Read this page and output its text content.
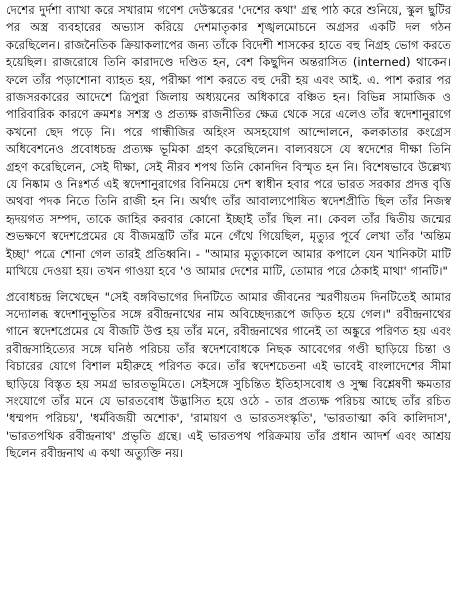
দেশের দুর্দশা ব্যাখা করে সখারাম গণেশ দেউস্করের 'দেশের কথা' গ্রন্থ পাঠ করে শুনিয়ে, স্কুল ছুটির পর অস্ত্র ব্যবহারের অভ্যাস করিয়ে দেশমাতৃকার শৃঙ্খলমোচনে অগ্রসর একটি দল গঠন করেছিলেন। রাজনৈতিক ক্রিয়াকলাপের জন্য তাঁকে বিদেশী শাসকের হাতে বহু নিগ্রহ ভোগ করতে হয়েছিল। রাজরোষে তিনি কারাদণ্ডে দণ্ডিত হন, বেশ কিছুদিন অন্তরাসিত (interned) থাকেন। ফলে তাঁর পড়াশোনা ব্যাহত হয়, পরীক্ষা পাশ করতে বহু দেরী হয় এবং আই. এ. পাশ করার পর রাজসরকারের আদেশে ত্রিপুরা জিলায় অধ্যয়নের অধিকারে বঞ্চিত হন। বিভিন্ন সামাজিক ও পারিবারিক কারণে ক্রমশঃ সশস্ত্র ও প্রত্যক্ষ রাজনীতির ক্ষেত্র থেকে সরে এলেও তাঁর স্বদেশানুরাগে কখনো ছেদ পড়ে নি। পরে গান্ধীজির অহিংস অসহযোগ আন্দোলনে, কলকাতার কংগ্রেস অধিবেশনেও প্রবোধচন্দ্র প্রত্যক্ষ ভূমিকা গ্রহণ করেছিলেন। বাল্যবয়সে যে স্বদেশের দীক্ষা তিনি গ্রহণ করেছিলেন, সেই দীক্ষা, সেই নীরব শপথ তিনি কোনদিন বিস্মৃত হন নি। বিশেষভাবে উল্লেখ্য যে নিষ্কাম ও নিঃশর্ত এই স্বদেশানুরাগের বিনিময়ে দেশ স্বাধীন হবার পরে ভারত সরকার প্রদত্ত বৃত্তি অথবা পদক নিতে তিনি রাজী হন নি। অর্থাৎ তাঁর আবাল্যপোষিত স্বদেশপ্রীতি ছিল তাঁর নিজস্ব হৃদয়গত সম্পদ, তাকে জাহির করবার কোনো ইচ্ছাই তাঁর ছিল না। কেবল তাঁর দ্বিতীয় জন্মের শুভক্ষণে স্বদেশপ্রেমের যে বীজমন্ত্রটি তাঁর মনে গেঁথে গিয়েছিল, মৃত্যুর পূর্বে লেখা তাঁর 'অন্তিম ইচ্ছা' পত্রে শোনা গেল তারই প্রতিধ্বনি। - "আমার মৃত্যুকালে আমার কপালে যেন খানিকটা মাটি মাখিয়ে দেওয়া হয়। তখন গাওয়া হবে 'ও আমার দেশের মাটি, তোমার পরে ঠেকাই মাথা' গানটি।"

প্রবোধচন্দ্র লিখেছেন "সেই বঙ্গবিভাগের দিনটিতে আমার জীবনের স্মরণীয়তম দিনটিতেই আমার সদ্যোলব্ধ স্বদেশানুভূতির সঙ্গে রবীন্দ্রনাথের নাম অবিচ্ছেদ্যরূপে জড়িত হয়ে গেল।" রবীন্দ্রনাথের গানে স্বদেশপ্রেমের যে বীজটি উপ্ত হয় তাঁর মনে, রবীন্দ্রনাথের গানেই তা অঙ্কুরে পরিণত হয় এবং রবীন্দ্রসাহিত্যের সঙ্গে ঘনিষ্ঠ পরিচয় তাঁর স্বদেশবোধকে নিছক আবেগের গণ্ডী ছাড়িয়ে চিন্তা ও বিচারের যোগে বিশাল মহীরুহে পরিণত করে। তাঁর স্বদেশচেতনা এই ভাবেই বাংলাদেশের সীমা ছাড়িয়ে বিস্তৃত হয় সমগ্র ভারতভূমিতে। সেইসঙ্গে সুচিন্তিত ইতিহাসবোধ ও সুক্ষ্ম বিশ্লেষণী ক্ষমতার সংযোগে তাঁর মনে যে ভারতবোধ উদ্ভাসিত হয়ে ওঠে - তার প্রত্যক্ষ পরিচয় আছে তাঁর রচিত 'ধম্মপদ পরিচয়', 'ধর্মবিজয়ী অশোক', 'রামায়ণ ও ভারতসংস্কৃতি', 'ভারতাত্মা কবি কালিদাস', 'ভারতপথিক রবীন্দ্রনাথ' প্রভৃতি গ্রন্থে। এই ভারতপথ পরিক্রমায় তাঁর প্রধান আদর্শ এবং আশ্রয় ছিলেন রবীন্দ্রনাথ এ কথা অত্যুক্তি নয়।
